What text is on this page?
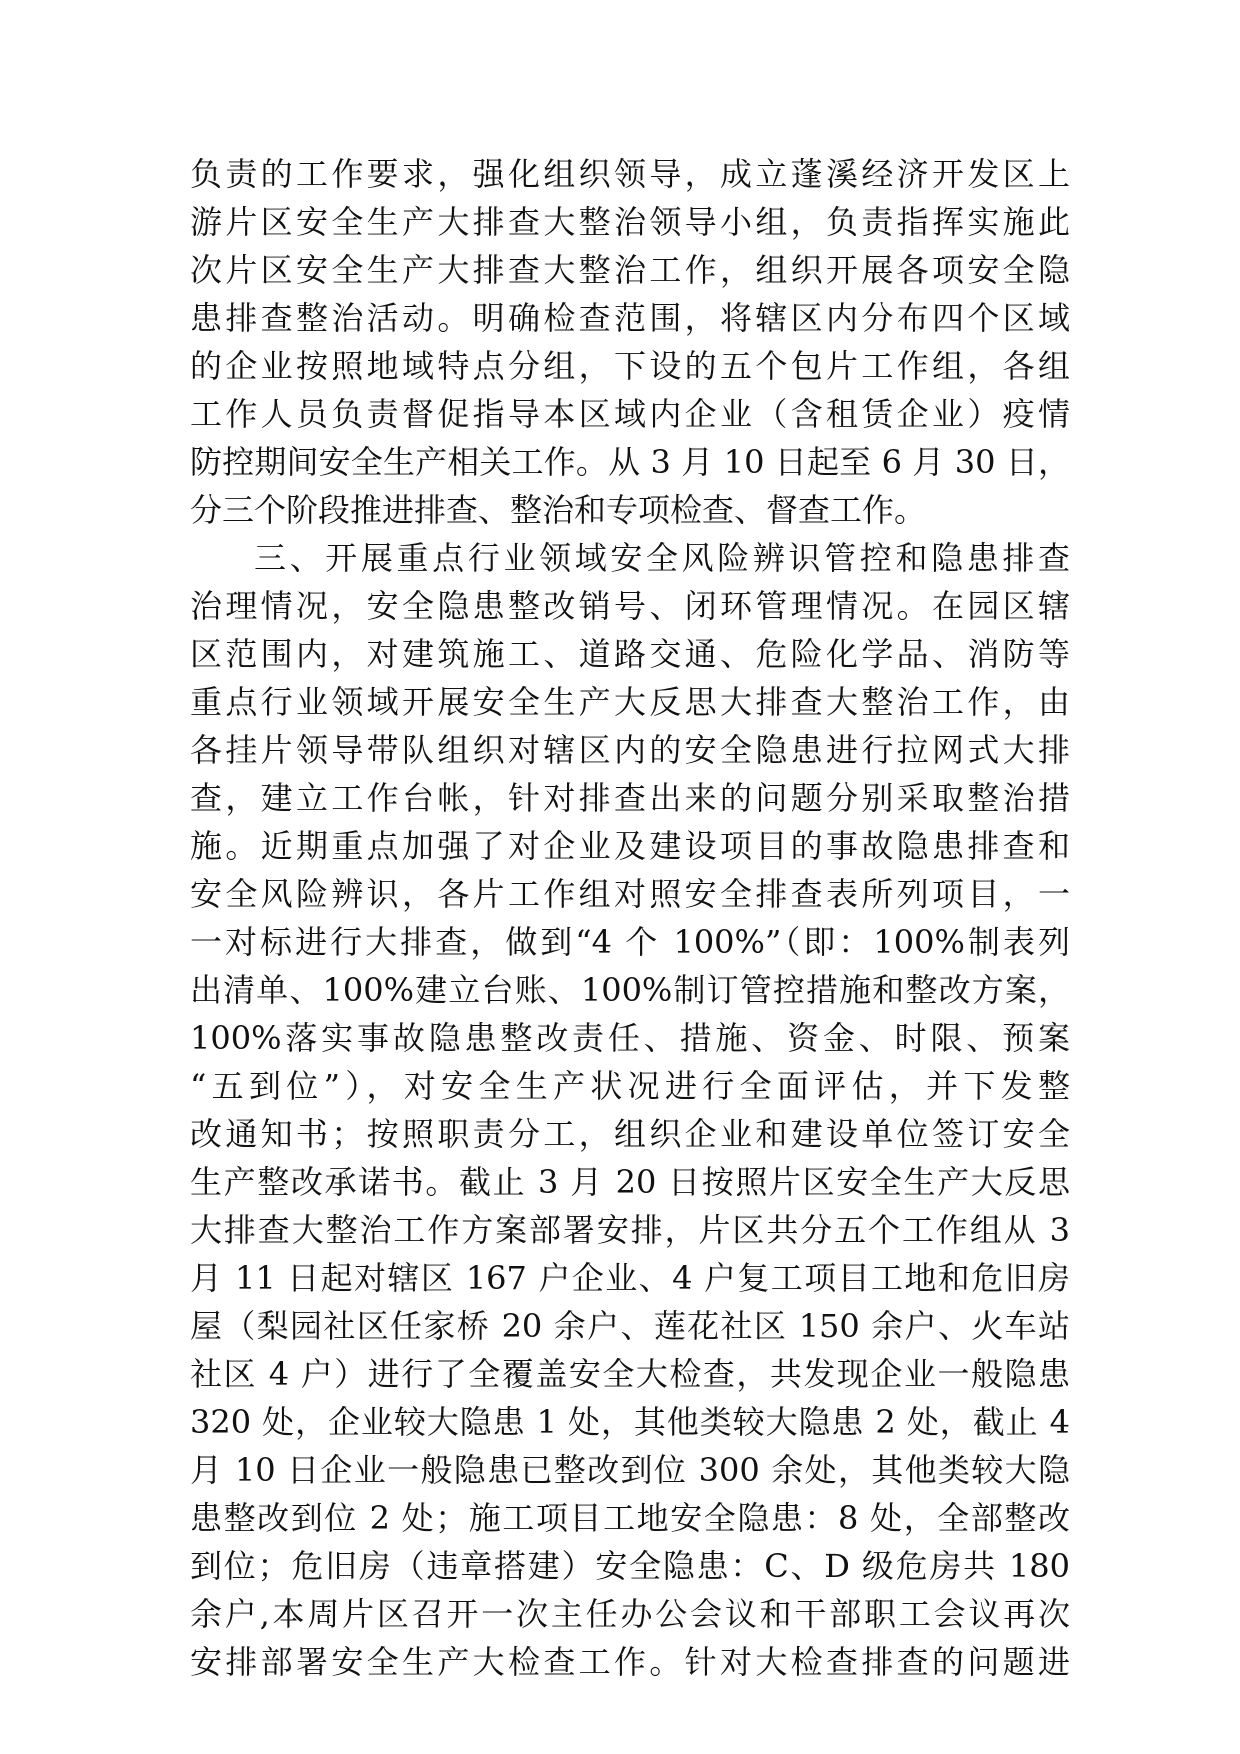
负责的工作要求，强化组织领导，成立蓬溪经济开发区上
游片区安全生产大排查大整治领导小组，负责指挥实施此
次片区安全生产大排查大整治工作，组织开展各项安全隐
患排查整治活动。明确检查范围，将辖区内分布四个区域
的企业按照地域特点分组，下设的五个包片工作组，各组
工作人员负责督促指导本区域内企业（含租赁企业）疫情
防控期间安全生产相关工作。从 3 月 10 日起至 6 月 30 日，
分三个阶段推进排查、整治和专项检查、督查工作。
三、开展重点行业领域安全风险辨识管控和隐患排查
治理情况，安全隐患整改销号、闭环管理情况。在园区辖
区范围内，对建筑施工、道路交通、危险化学品、消防等
重点行业领域开展安全生产大反思大排查大整治工作，由
各挂片领导带队组织对辖区内的安全隐患进行拉网式大排
查，建立工作台帐，针对排查出来的问题分别采取整治措
施。近期重点加强了对企业及建设项目的事故隐患排查和
安全风险辨识，各片工作组对照安全排查表所列项目，一
一对标进行大排查，做到“4 个 100%”（即：100%制表列
出清单、100%建立台账、100%制订管控措施和整改方案，
100%落实事故隐患整改责任、措施、资金、时限、预案
“五到位”），对安全生产状况进行全面评估，并下发整
改通知书；按照职责分工，组织企业和建设单位签订安全
生产整改承诺书。截止 3 月 20 日按照片区安全生产大反思
大排查大整治工作方案部署安排，片区共分五个工作组从 3
月 11 日起对辖区 167 户企业、4 户复工项目工地和危旧房
屋（梨园社区任家桥 20 余户、莲花社区 150 余户、火车站
社区 4 户）进行了全覆盖安全大检查，共发现企业一般隐患
320 处，企业较大隐患 1 处，其他类较大隐患 2 处，截止 4
月 10 日企业一般隐患已整改到位 300 余处，其他类较大隐
患整改到位 2 处；施工项目工地安全隐患：8 处，全部整改
到位；危旧房（违章搭建）安全隐患：C、D 级危房共 180
余户,本周片区召开一次主任办公会议和干部职工会议再次
安排部署安全生产大检查工作。针对大检查排查的问题进
